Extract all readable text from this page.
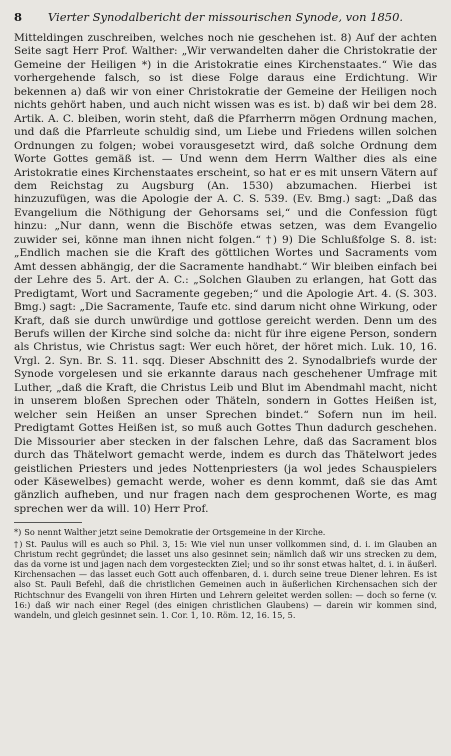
8 Vierter Synodalbericht der missourischen Synode, von 1850.

Mitteldingen zuschreiben, welches noch nie geschehen ist. 8) Auf der achten Seite sagt Herr Prof. Walther: „Wir verwandelten daher die Christokratie der Gemeine der Heiligen *) in die Aristokratie eines Kirchenstaates.“ Wie das vorhergehende falsch, so ist diese Folge daraus eine Erdichtung. Wir bekennen a) daß wir von einer Christokratie der Gemeine der Heiligen noch nichts gehört haben, und auch nicht wissen was es ist. b) daß wir bei dem 28. Artik. A. C. bleiben, worin steht, daß die Pfarrherrn mögen Ordnung machen, und daß die Pfarrleute schuldig sind, um Liebe und Friedens willen solchen Ordnungen zu folgen; wobei vorausgesetzt wird, daß solche Ordnung dem Worte Gottes gemäß ist. — Und wenn dem Herrn Walther dies als eine Aristokratie eines Kirchenstaates erscheint, so hat er es mit unsern Vätern auf dem Reichstag zu Augsburg (An. 1530) abzumachen. Hierbei ist hinzuzufügen, was die Apologie der A. C. S. 539. (Ev. Bmg.) sagt: „Daß das Evangelium die Nöthigung der Gehorsams sei,“ und die Confession fügt hinzu: „Nur dann, wenn die Bischöfe etwas setzen, was dem Evangelio zuwider sei, könne man ihnen nicht folgen.“ †) 9) Die Schlußfolge S. 8. ist: „Endlich machen sie die Kraft des göttlichen Wortes und Sacraments vom Amt dessen abhängig, der die Sacramente handhabt.“ Wir bleiben einfach bei der Lehre des 5. Art. der A. C.: „Solchen Glauben zu erlangen, hat Gott das Predigtamt, Wort und Sacramente gegeben;“ und die Apologie Art. 4. (S. 303. Bmg.) sagt: „Die Sacramente, Taufe etc. sind darum nicht ohne Wirkung, oder Kraft, daß sie durch unwürdige und gottlose gereicht werden. Denn um des Berufs willen der Kirche sind solche da: nicht für ihre eigene Person, sondern als Christus, wie Christus sagt: Wer euch höret, der höret mich. Luk. 10, 16. Vrgl. 2. Syn. Br. S. 11. sqq. Dieser Abschnitt des 2. Synodalbriefs wurde der Synode vorgelesen und sie erkannte daraus nach geschehener Umfrage mit Luther, „daß die Kraft, die Christus Leib und Blut im Abendmahl macht, nicht in unserem bloßen Sprechen oder Thäteln, sondern in Gottes Heißen ist, welcher sein Heißen an unser Sprechen bindet.“ Sofern nun im heil. Predigtamt Gottes Heißen ist, so muß auch Gottes Thun dadurch geschehen. Die Missourier aber stecken in der falschen Lehre, daß das Sacrament blos durch das Thätelwort gemacht werde, indem es durch das Thätelwort jedes geistlichen Priesters und jedes Nottenpriesters (ja wol jedes Schauspielers oder Käsewelbes) gemacht werde, woher es denn kommt, daß sie das Amt gänzlich aufheben, und nur fragen nach dem gesprochenen Worte, es mag sprechen wer da will. 10) Herr Prof.

*) So nennt Walther jetzt seine Demokratie der Ortsgemeine in der Kirche.

†) St. Paulus will es auch so Phil. 3, 15: Wie viel nun unser vollkommen sind, d. i. im Glauben an Christum recht gegründet; die lasset uns also gesinnet sein; nämlich daß wir uns strecken zu dem, das da vorne ist und jagen nach dem vorgesteckten Ziel; und so ihr sonst etwas haltet, d. i. in äußerl. Kirchensachen — das lasset euch Gott auch offenbaren, d. i. durch seine treue Diener lehren. Es ist also St. Pauli Befehl, daß die christlichen Gemeinen auch in äußerlichen Kirchensachen sich der Richtschnur des Evangelii von ihren Hirten und Lehrern geleitet werden sollen: — doch so ferne (v. 16:) daß wir nach einer Regel (des einigen christlichen Glaubens) — darein wir kommen sind, wandeln, und gleich gesinnet sein. 1. Cor. 1, 10. Röm. 12, 16. 15, 5.
